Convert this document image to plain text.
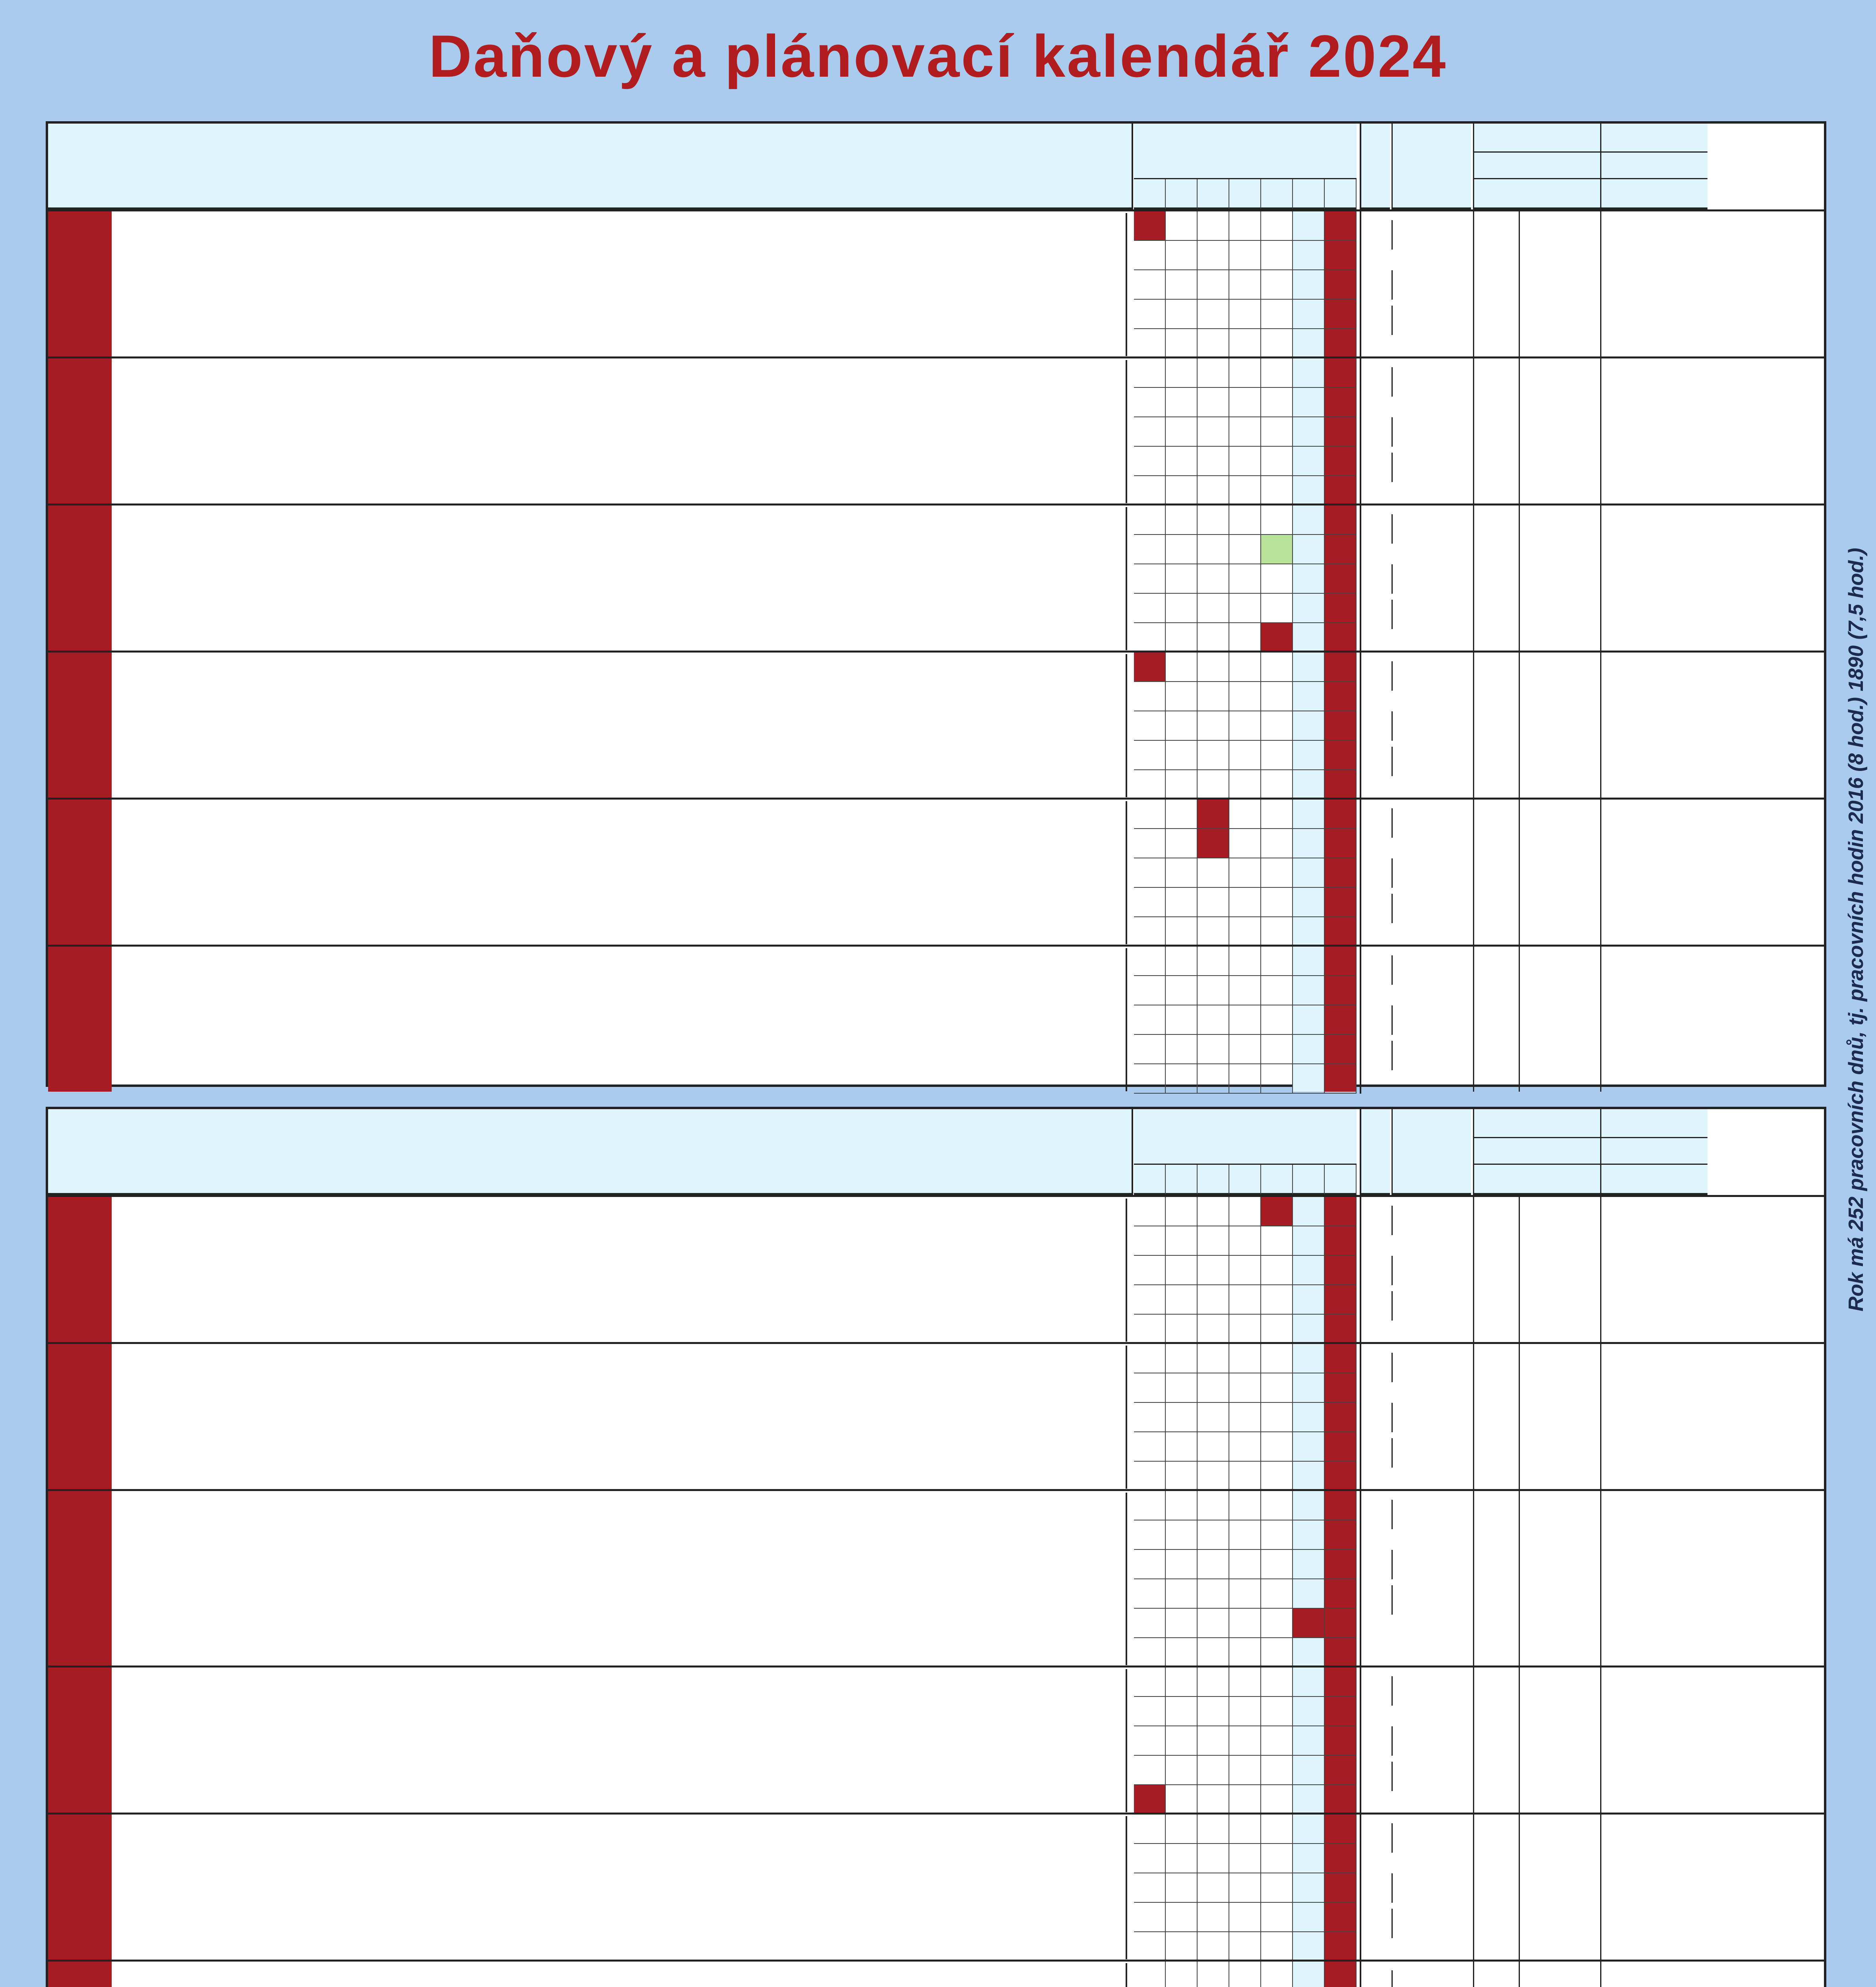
Daňový a plánovací kalendář 2024
Rok má 252 pracovních dnů, tj. pracovních hodin 2016 (8 hod.) 1890 (7,5 hod.)
